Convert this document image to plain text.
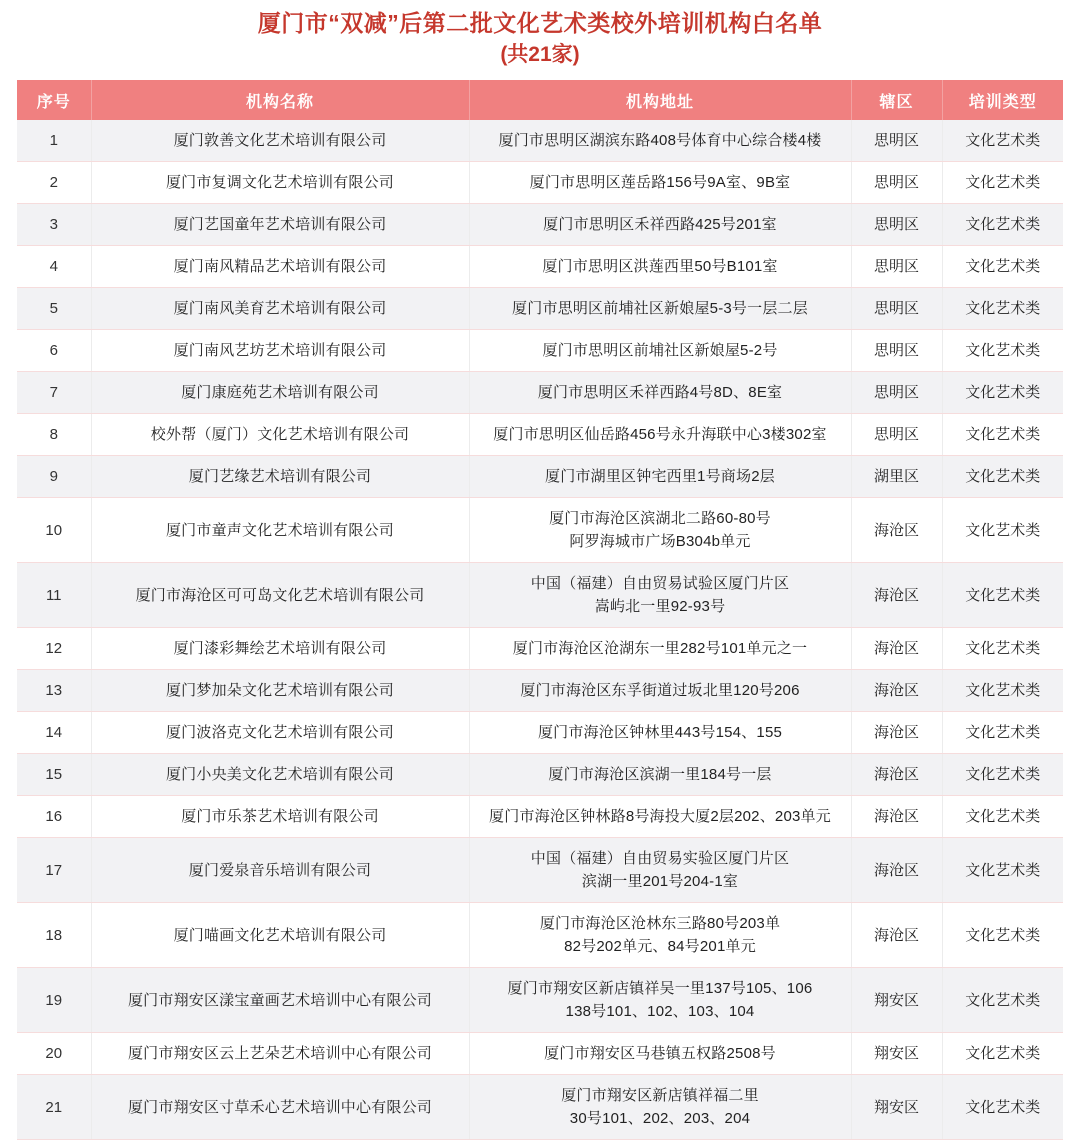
厦门市“双减”后第二批文化艺术类校外培训机构白名单
(共21家)
序号	机构名称	机构地址	辖区	培训类型
1	厦门敦善文化艺术培训有限公司	厦门市思明区湖滨东路408号体育中心综合楼4楼	思明区	文化艺术类
2	厦门市复调文化艺术培训有限公司	厦门市思明区莲岳路156号9A室、9B室	思明区	文化艺术类
3	厦门艺国童年艺术培训有限公司	厦门市思明区禾祥西路425号201室	思明区	文化艺术类
4	厦门南风精品艺术培训有限公司	厦门市思明区洪莲西里50号B101室	思明区	文化艺术类
5	厦门南风美育艺术培训有限公司	厦门市思明区前埔社区新娘屋5-3号一层二层	思明区	文化艺术类
6	厦门南风艺坊艺术培训有限公司	厦门市思明区前埔社区新娘屋5-2号	思明区	文化艺术类
7	厦门康庭苑艺术培训有限公司	厦门市思明区禾祥西路4号8D、8E室	思明区	文化艺术类
8	校外帮（厦门）文化艺术培训有限公司	厦门市思明区仙岳路456号永升海联中心3楼302室	思明区	文化艺术类
9	厦门艺缘艺术培训有限公司	厦门市湖里区钟宅西里1号商场2层	湖里区	文化艺术类
10	厦门市童声文化艺术培训有限公司	厦门市海沧区滨湖北二路60-80号
阿罗海城市广场B304b单元	海沧区	文化艺术类
11	厦门市海沧区可可岛文化艺术培训有限公司	中国（福建）自由贸易试验区厦门片区
嵩屿北一里92-93号	海沧区	文化艺术类
12	厦门漆彩舞绘艺术培训有限公司	厦门市海沧区沧湖东一里282号101单元之一	海沧区	文化艺术类
13	厦门梦加朵文化艺术培训有限公司	厦门市海沧区东孚街道过坂北里120号206	海沧区	文化艺术类
14	厦门波洛克文化艺术培训有限公司	厦门市海沧区钟林里443号154、155	海沧区	文化艺术类
15	厦门小央美文化艺术培训有限公司	厦门市海沧区滨湖一里184号一层	海沧区	文化艺术类
16	厦门市乐茶艺术培训有限公司	厦门市海沧区钟林路8号海投大厦2层202、203单元	海沧区	文化艺术类
17	厦门爱泉音乐培训有限公司	中国（福建）自由贸易实验区厦门片区
滨湖一里201号204-1室	海沧区	文化艺术类
18	厦门喵画文化艺术培训有限公司	厦门市海沧区沧林东三路80号203单
82号202单元、84号201单元	海沧区	文化艺术类
19	厦门市翔安区漾宝童画艺术培训中心有限公司	厦门市翔安区新店镇祥吴一里137号105、106
138号101、102、103、104	翔安区	文化艺术类
20	厦门市翔安区云上艺朵艺术培训中心有限公司	厦门市翔安区马巷镇五权路2508号	翔安区	文化艺术类
21	厦门市翔安区寸草禾心艺术培训中心有限公司	厦门市翔安区新店镇祥福二里
30号101、202、203、204	翔安区	文化艺术类
